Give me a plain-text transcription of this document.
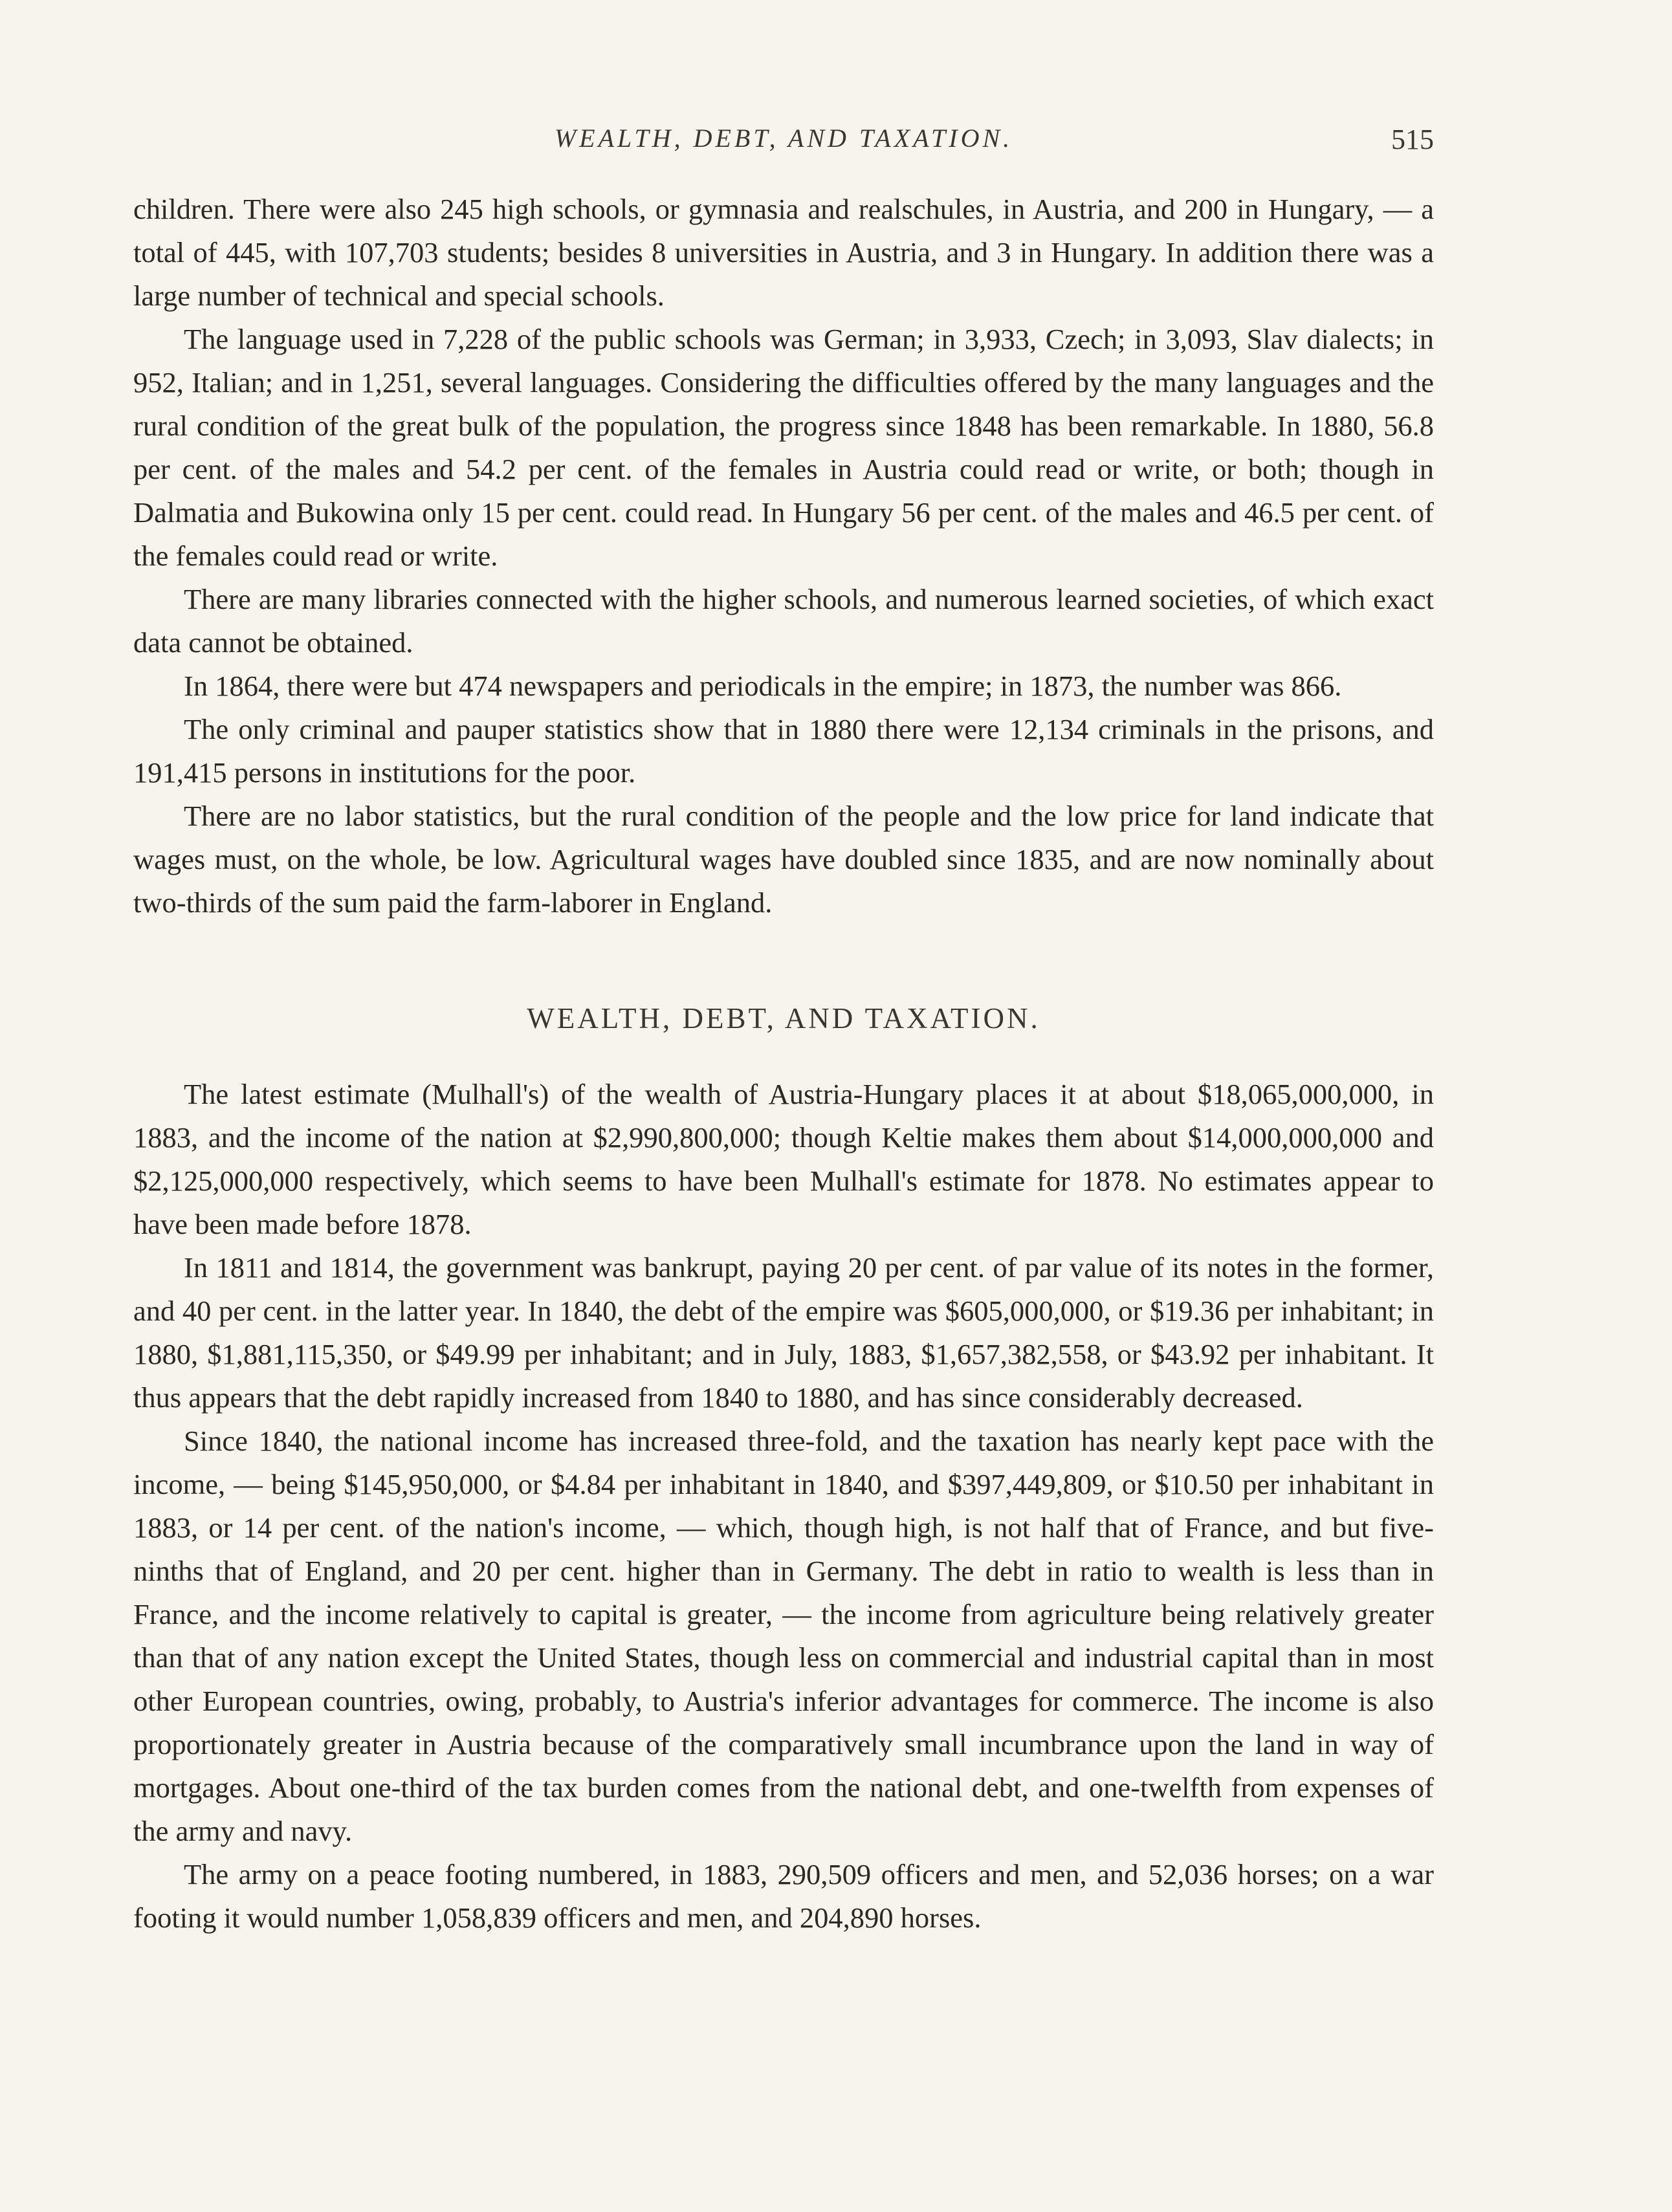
WEALTH, DEBT, AND TAXATION.	515

children. There were also 245 high schools, or gymnasia and realschules, in Austria, and 200 in Hungary, — a total of 445, with 107,703 students; besides 8 universities in Austria, and 3 in Hungary. In addition there was a large number of technical and special schools.

The language used in 7,228 of the public schools was German; in 3,933, Czech; in 3,093, Slav dialects; in 952, Italian; and in 1,251, several languages. Considering the difficulties offered by the many languages and the rural condition of the great bulk of the population, the progress since 1848 has been remarkable. In 1880, 56.8 per cent. of the males and 54.2 per cent. of the females in Austria could read or write, or both; though in Dalmatia and Bukowina only 15 per cent. could read. In Hungary 56 per cent. of the males and 46.5 per cent. of the females could read or write.

There are many libraries connected with the higher schools, and numerous learned societies, of which exact data cannot be obtained.

In 1864, there were but 474 newspapers and periodicals in the empire; in 1873, the number was 866.

The only criminal and pauper statistics show that in 1880 there were 12,134 criminals in the prisons, and 191,415 persons in institutions for the poor.

There are no labor statistics, but the rural condition of the people and the low price for land indicate that wages must, on the whole, be low. Agricultural wages have doubled since 1835, and are now nominally about two-thirds of the sum paid the farm-laborer in England.

WEALTH, DEBT, AND TAXATION.

The latest estimate (Mulhall's) of the wealth of Austria-Hungary places it at about $18,065,000,000, in 1883, and the income of the nation at $2,990,800,000; though Keltie makes them about $14,000,000,000 and $2,125,000,000 respectively, which seems to have been Mulhall's estimate for 1878. No estimates appear to have been made before 1878.

In 1811 and 1814, the government was bankrupt, paying 20 per cent. of par value of its notes in the former, and 40 per cent. in the latter year. In 1840, the debt of the empire was $605,000,000, or $19.36 per inhabitant; in 1880, $1,881,115,350, or $49.99 per inhabitant; and in July, 1883, $1,657,382,558, or $43.92 per inhabitant. It thus appears that the debt rapidly increased from 1840 to 1880, and has since considerably decreased.

Since 1840, the national income has increased three-fold, and the taxation has nearly kept pace with the income, — being $145,950,000, or $4.84 per inhabitant in 1840, and $397,449,809, or $10.50 per inhabitant in 1883, or 14 per cent. of the nation's income, — which, though high, is not half that of France, and but five-ninths that of England, and 20 per cent. higher than in Germany. The debt in ratio to wealth is less than in France, and the income relatively to capital is greater, — the income from agriculture being relatively greater than that of any nation except the United States, though less on commercial and industrial capital than in most other European countries, owing, probably, to Austria's inferior advantages for commerce. The income is also proportionately greater in Austria because of the comparatively small incumbrance upon the land in way of mortgages. About one-third of the tax burden comes from the national debt, and one-twelfth from expenses of the army and navy.

The army on a peace footing numbered, in 1883, 290,509 officers and men, and 52,036 horses; on a war footing it would number 1,058,839 officers and men, and 204,890 horses.
